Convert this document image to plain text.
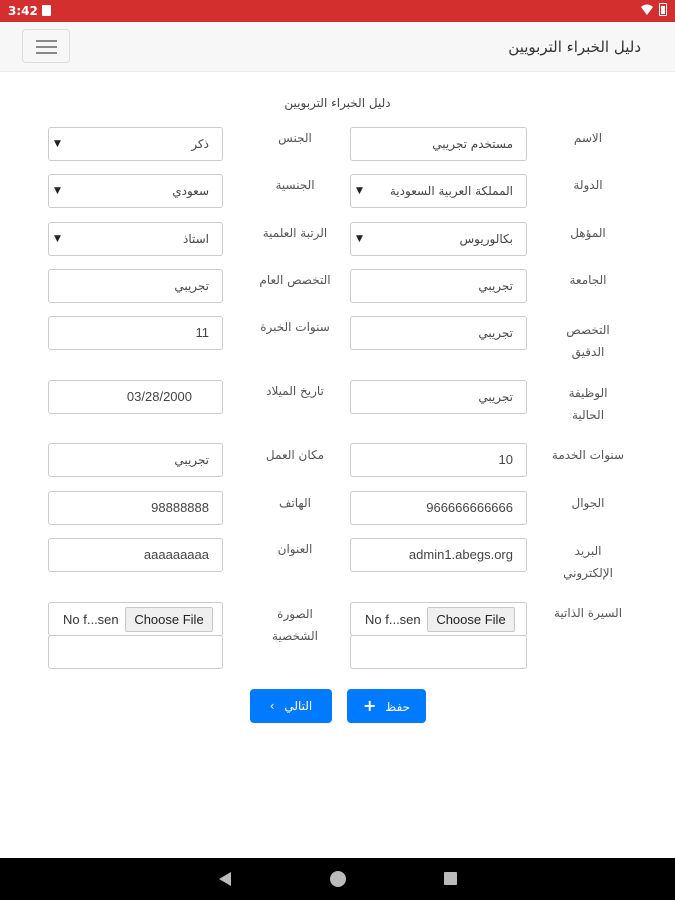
3:42
دليل الخبراء التربويين
دليل الخبراء التربويين
الاسم
مستخدم تجريبي
الجنس
ذكر
▼
الدولة
المملكة العربية السعودية
▼
الجنسية
سعودي
▼
المؤهل
بكالوريوس
▼
الرتبة العلمية
استاذ
▼
الجامعة
تجريبي
التخصص العام
تجريبي
التخصص الدقيق
تجريبي
سنوات الخبرة
11
الوظيفة الحالية
تجريبي
تاريخ الميلاد
03/28/2000
سنوات الخدمة
10
مكان العمل
تجريبي
الجوال
966666666666
الهاتف
98888888
البريد الإلكتروني
admin1.abegs.org
العنوان
aaaaaaaaa
السيرة الذاتية
No f...sen	Choose File
الصورة الشخصية
No f...sen	Choose File
التالي ›	حفظ +
